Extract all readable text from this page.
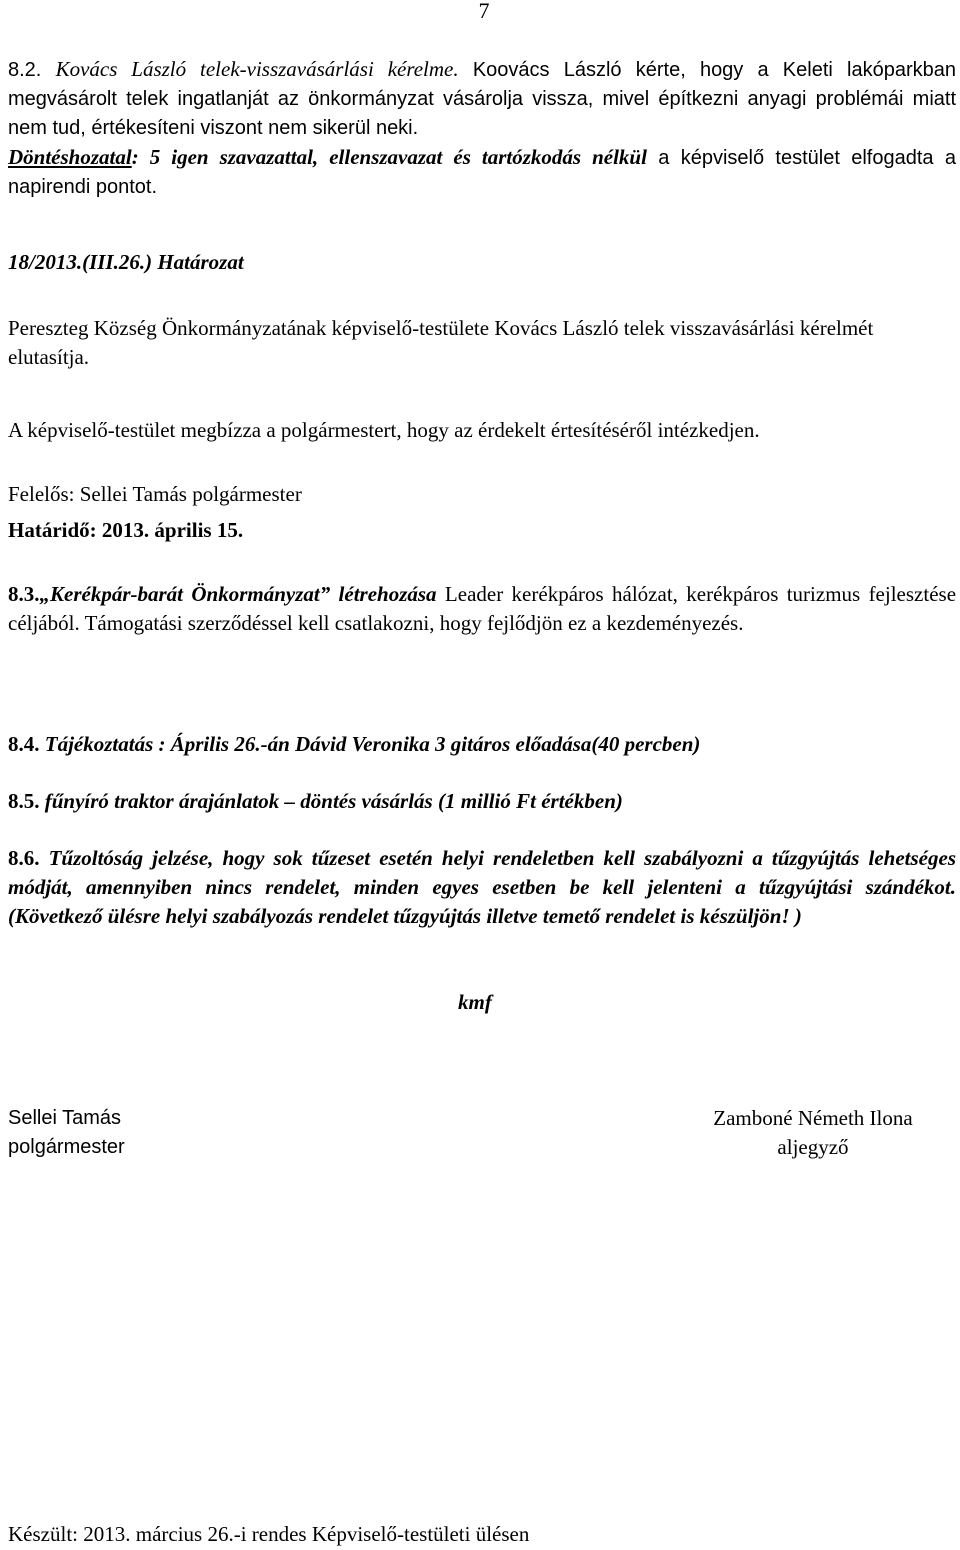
7

8.2. Kovács László telek-visszavásárlási kérelme. Koovács László kérte, hogy a Keleti lakóparkban megvásárolt telek ingatlanját az önkormányzat vásárolja vissza, mivel építkezni anyagi problémái miatt nem tud, értékesíteni viszont nem sikerül neki.

Döntéshozatal: 5 igen szavazattal, ellenszavazat és tartózkodás nélkül a képviselő testület elfogadta a napirendi pontot.

18/2013.(III.26.) Határozat
Pereszteg Község Önkormányzatának képviselő-testülete Kovács László telek visszavásárlási kérelmét elutasítja.
A képviselő-testület megbízza a polgármestert, hogy az érdekelt értesítéséről intézkedjen.
Felelős: Sellei Tamás polgármester
Határidő: 2013. április 15.
8.3.„Kerékpár-barát Önkormányzat” létrehozása Leader kerékpáros hálózat, kerékpáros turizmus fejlesztése céljából. Támogatási szerződéssel kell csatlakozni, hogy fejlődjön ez a kezdeményezés.
8.4. Tájékoztatás : Április 26.-án Dávid Veronika 3 gitáros előadása(40 percben)
8.5. fűnyíró traktor árajánlatok – döntés vásárlás (1 millió Ft értékben)
8.6. Tűzoltóság jelzése, hogy sok tűzeset esetén helyi rendeletben kell szabályozni a tűzgyújtás lehetséges módját, amennyiben nincs rendelet, minden egyes esetben be kell jelenteni a tűzgyújtási szándékot. (Következő ülésre helyi szabályozás rendelet tűzgyújtás illetve temető rendelet is készüljön! )
kmf
Sellei Tamás
polgármester
Zamboné Németh Ilona
aljegyző
Készült: 2013. március 26.-i rendes Képviselő-testületi ülésen
